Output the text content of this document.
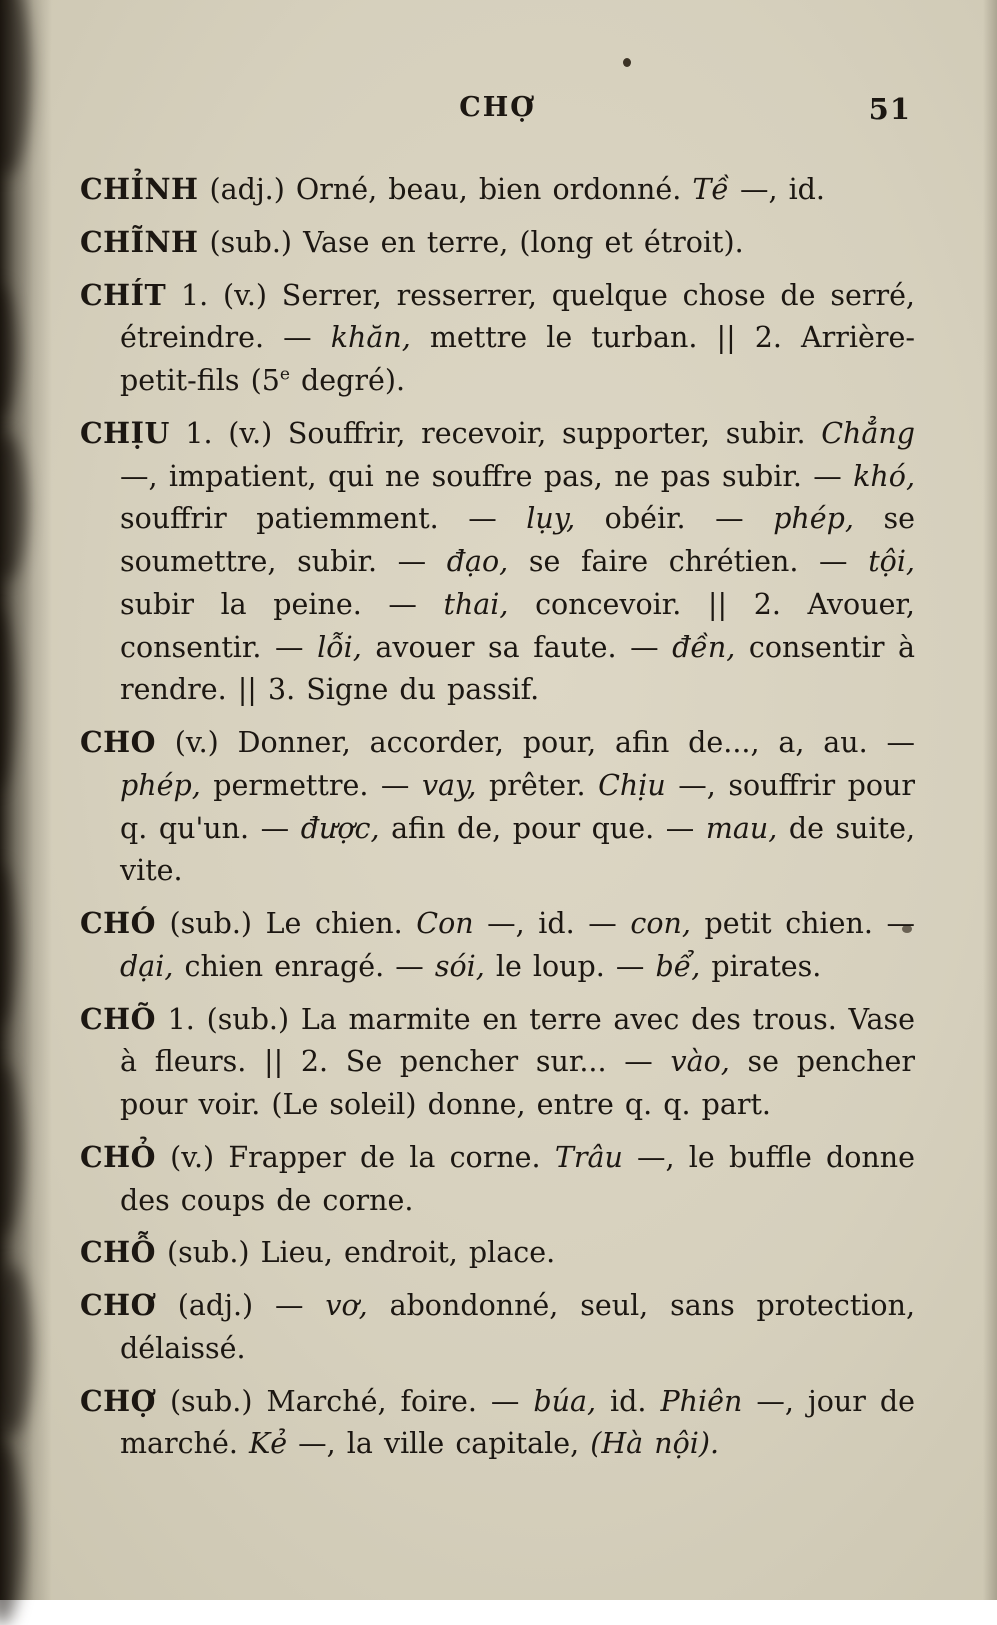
CHỢ	51

CHỈNH (adj.) Orné, beau, bien ordonné. Tề —, id.

CHĨNH (sub.) Vase en terre, (long et étroit).

CHÍT 1. (v.) Serrer, resserrer, quelque chose de serré, étreindre. — khăn, mettre le turban. || 2. Arrière-petit-fils (5e degré).

CHỊU 1. (v.) Souffrir, recevoir, supporter, subir. Chẳng —, impatient, qui ne souffre pas, ne pas subir. — khó, souffrir patiemment. — lụy, obéir. — phép, se soumettre, subir. — đạo, se faire chrétien. — tội, subir la peine. — thai, concevoir. || 2. Avouer, consentir. — lỗi, avouer sa faute. — đền, consentir à rendre. || 3. Signe du passif.

CHO (v.) Donner, accorder, pour, afin de..., a, au. — phép, permettre. — vay, prêter. Chịu —, souffrir pour q. qu'un. — được, afin de, pour que. — mau, de suite, vite.

CHÓ (sub.) Le chien. Con —, id. — con, petit chien. — dại, chien enragé. — sói, le loup. — bể, pirates.

CHÕ 1. (sub.) La marmite en terre avec des trous. Vase à fleurs. || 2. Se pencher sur... — vào, se pencher pour voir. (Le soleil) donne, entre q. q. part.

CHỎ (v.) Frapper de la corne. Trâu —, le buffle donne des coups de corne.

CHỖ (sub.) Lieu, endroit, place.

CHƠ (adj.) — vơ, abondonné, seul, sans protection, délaissé.

CHỢ (sub.) Marché, foire. — búa, id. Phiên —, jour de marché. Kẻ —, la ville capitale, (Hà nội).
